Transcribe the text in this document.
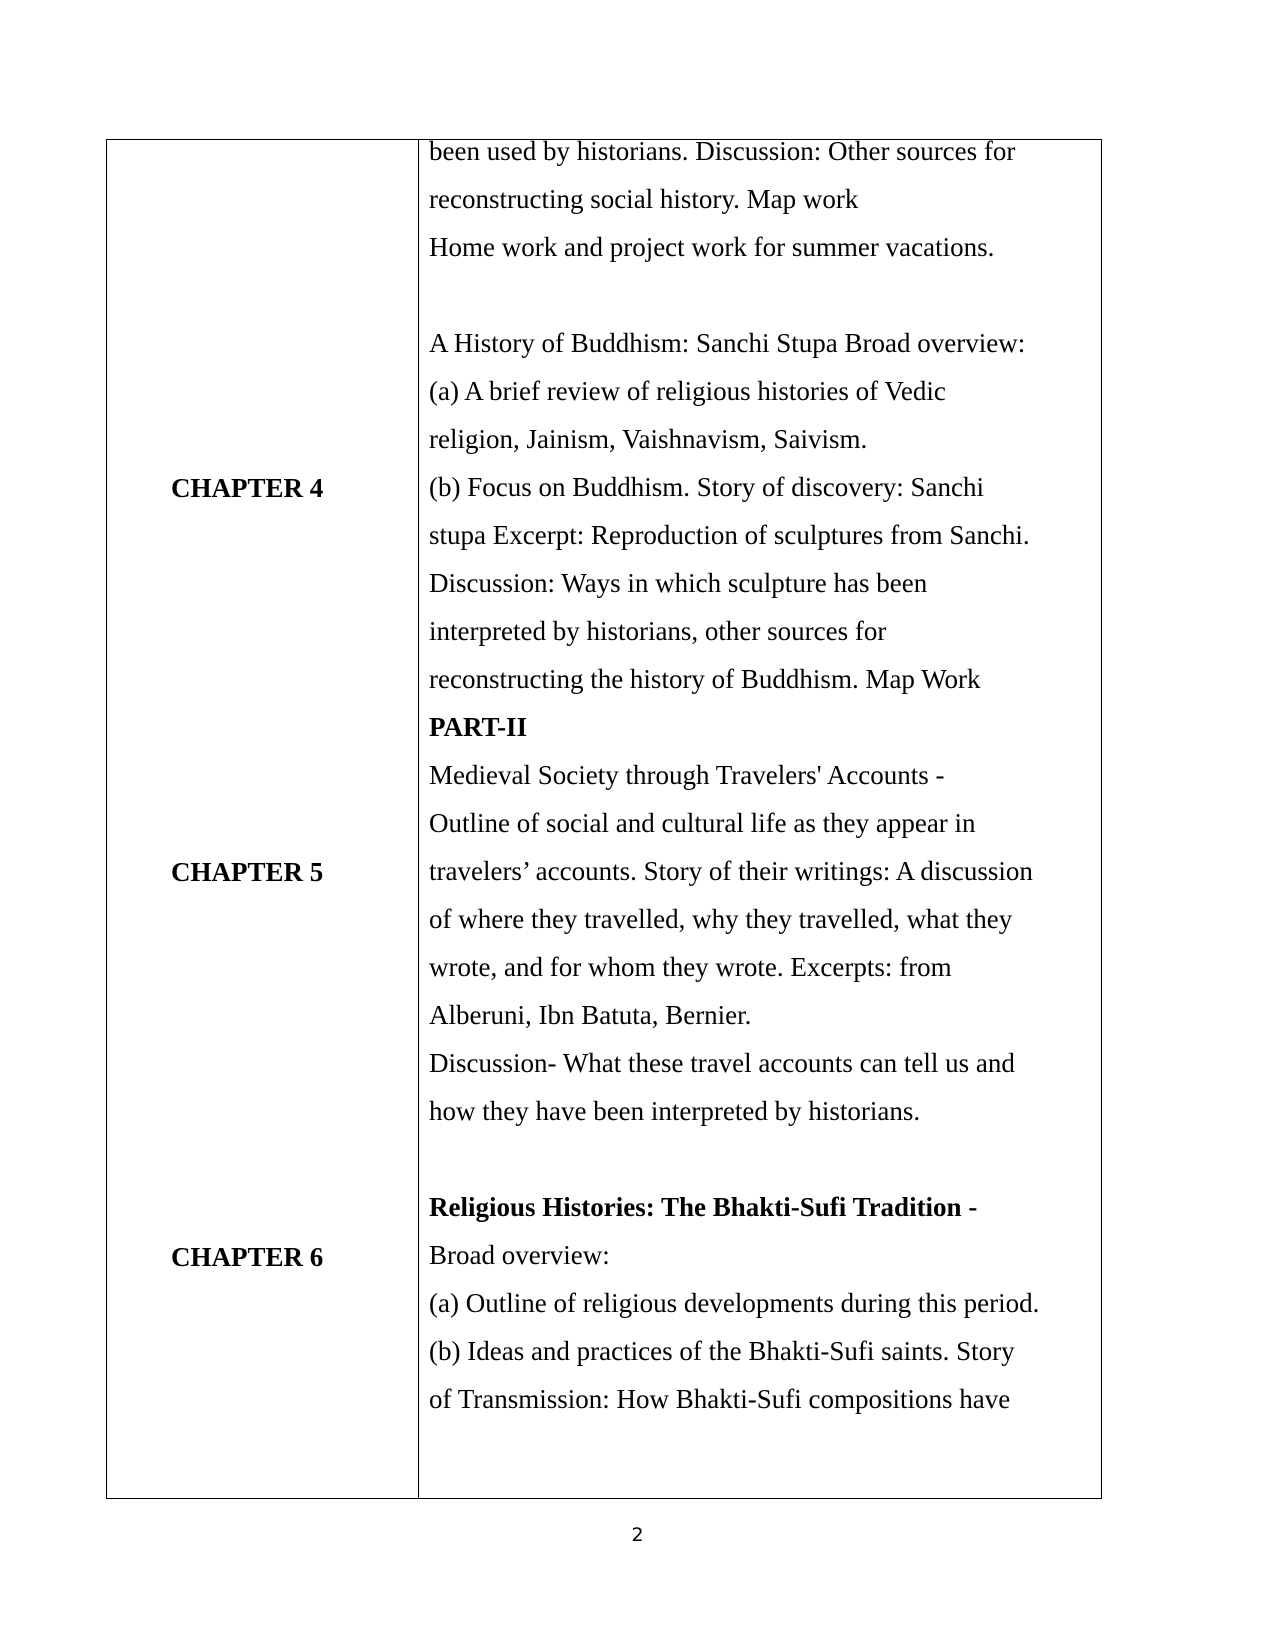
CHAPTER 4
CHAPTER 5
CHAPTER 6
been used by historians. Discussion: Other sources for
reconstructing social history. Map work
Home work and project work for summer vacations.
A History of Buddhism: Sanchi Stupa Broad overview:
(a) A brief review of religious histories of Vedic
religion, Jainism, Vaishnavism, Saivism.
(b) Focus on Buddhism. Story of discovery: Sanchi
stupa Excerpt: Reproduction of sculptures from Sanchi.
Discussion: Ways in which sculpture has been
interpreted by historians, other sources for
reconstructing the history of Buddhism. Map Work
PART-II
Medieval Society through Travelers' Accounts -
Outline of social and cultural life as they appear in
travelers’ accounts. Story of their writings: A discussion
of where they travelled, why they travelled, what they
wrote, and for whom they wrote. Excerpts: from
Alberuni, Ibn Batuta, Bernier.
Discussion- What these travel accounts can tell us and
how they have been interpreted by historians.
Religious Histories: The Bhakti-Sufi Tradition -
Broad overview:
(a) Outline of religious developments during this period.
(b) Ideas and practices of the Bhakti-Sufi saints. Story
of Transmission: How Bhakti-Sufi compositions have
2
